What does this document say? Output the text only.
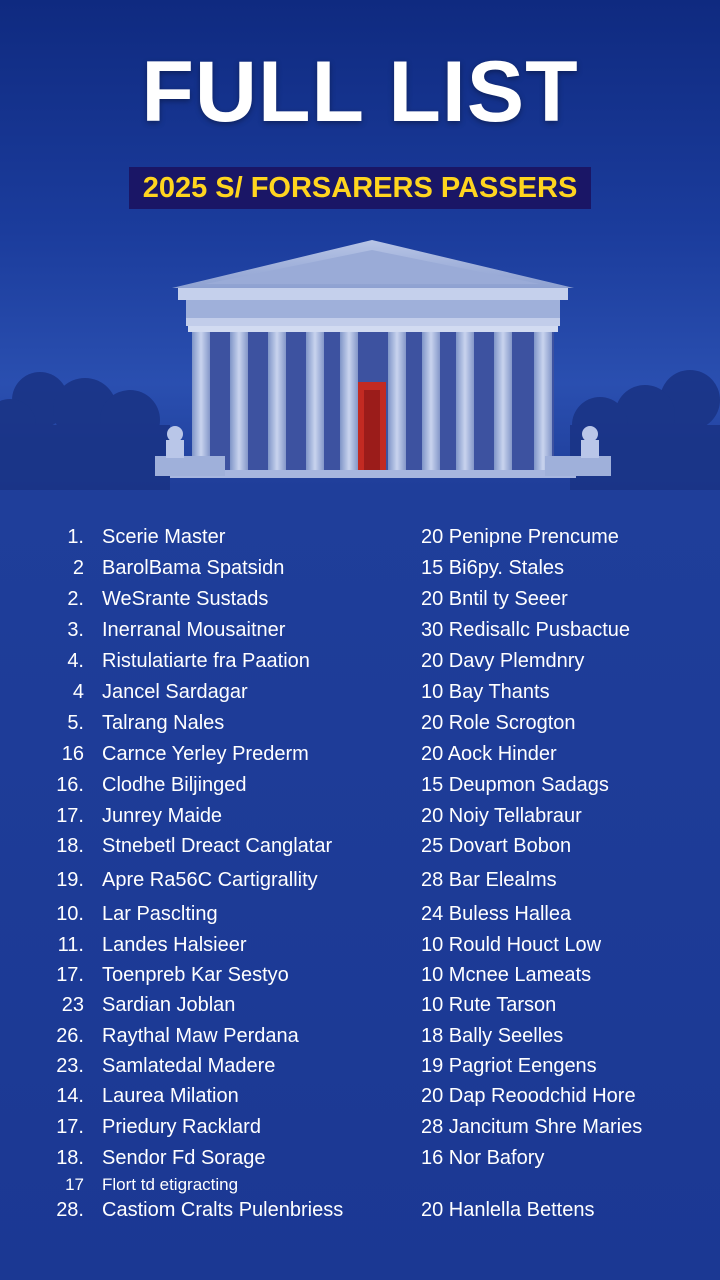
FULL LIST
2025 S/ FORSARERS PASSERS
1. Scerie Master	20 Penipne Prencume
2 BarolBama Spatsidn	15 Bi6py. Stales
2. WeSrante Sustads	20 Bntil ty Seeer
3. Inerranal Mousaitner	30 Redisallc Pusbactue
4. Ristulatiarte fra Paation	20 Davy Plemdnry
4 Jancel Sardagar	10 Bay Thants
5. Talrang Nales	20 Role Scrogton
16 Carnce Yerley Prederm	20 Aock Hinder
16. Clodhe Biljinged	15 Deupmon Sadags
17. Junrey Maide	20 Noiy Tellabraur
18. Stnebetl Dreact Canglatar	25 Dovart Bobon
19. Apre Ra56C Cartigrallity	28 Bar Elealms
10. Lar Pasclting	24 Buless Hallea
11. Landes Halsieer	10 Rould Houct Low
17. Toenpreb Kar Sestyo	10 Mcnee Lameats
23 Sardian Joblan	10 Rute Tarson
26. Raythal Maw Perdana	18 Bally Seelles
23. Samlatedal Madere	19 Pagriot Eengens
14. Laurea Milation	20 Dap Reoodchid Hore
17. Priedury Racklard	28 Jancitum Shre Maries
18. Sendor Fd Sorage	16 Nor Bafory
17 Flort td etigracting
28. Castiom Cralts Pulenbriess	20 Hanlella Bettens
